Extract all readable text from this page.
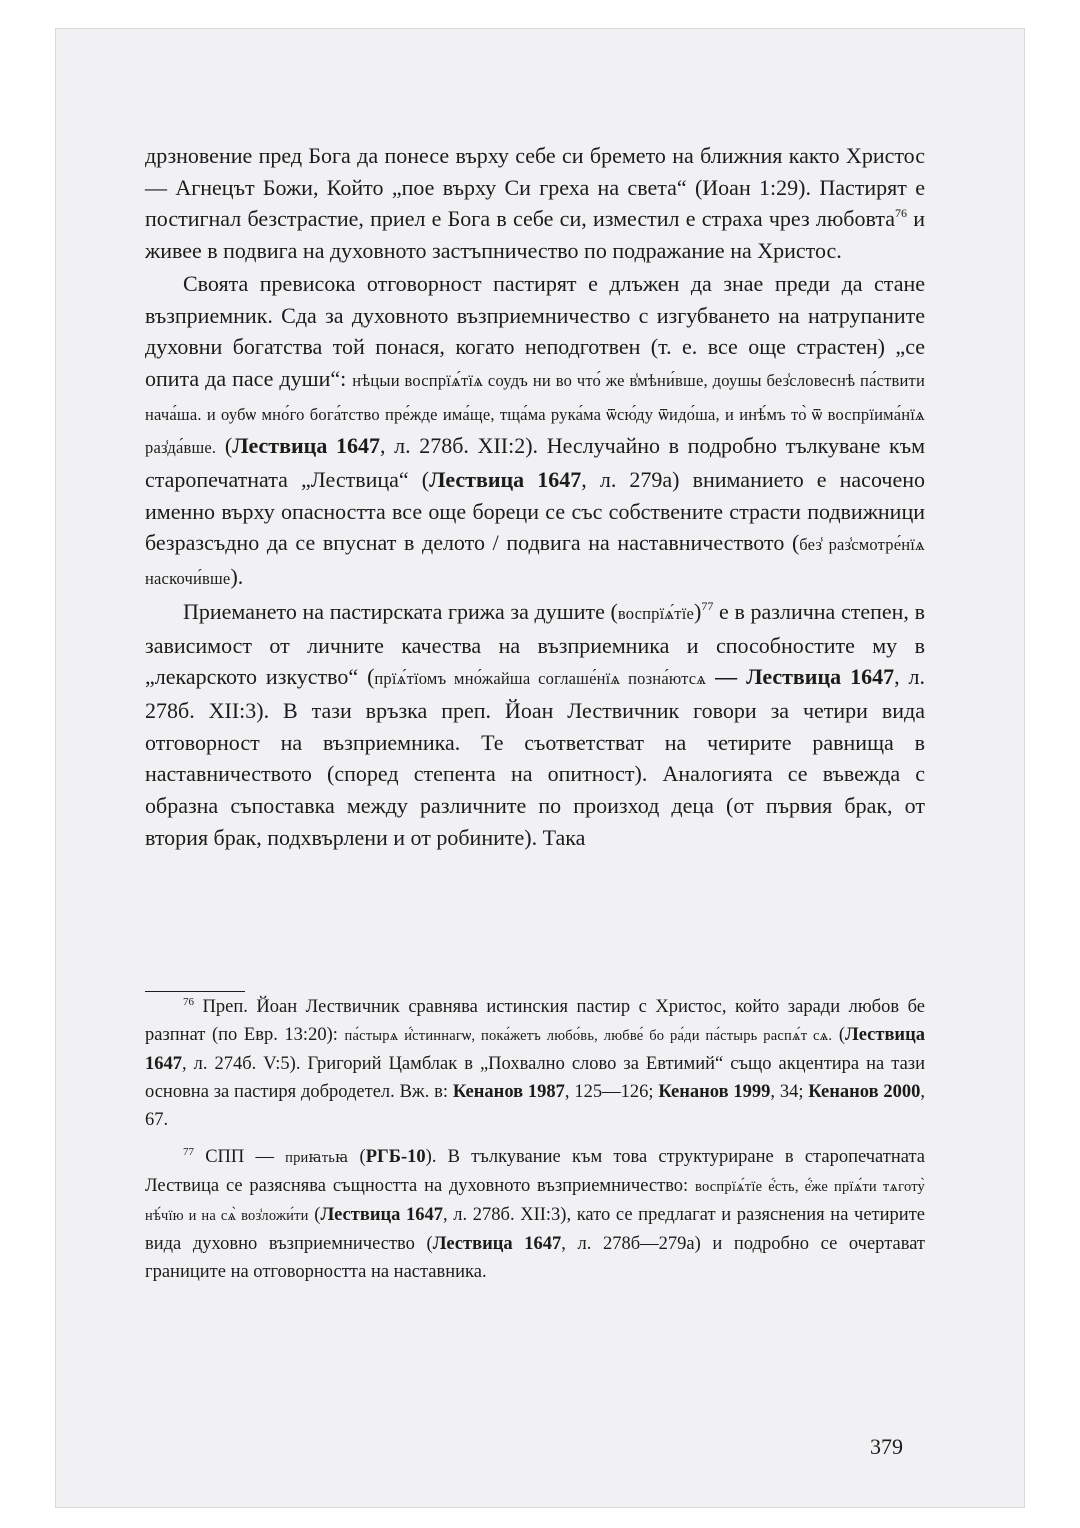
дрзновение пред Бога да понесе върху себе си бремето на ближния както Христос — Агнецът Божи, Който „пое върху Си греха на света“ (Иоан 1:29). Пастирят е постигнал безстрастие, приел е Бога в себе си, изместил е страха чрез любовта$^{76}$ и живее в подвига на духовното застъпничество по подражание на Христос.

Своята превисока отговорност пастирят е длъжен да знае преди да стане възприемник. Сда за духовното възприемничество с изгубването на натрупаните духовни богатства той понася, когато неподготвен (т. е. все още страстен) „се опита да пасе души“: нѣцыи воспрїѧ́тїѧ соудъ ни во что́ же в̾мѣни́вше, доушы без̾словеснѣ па́ствити нача́ша. и оубѡ мно́го бога́тство пре́жде има́ще, тща́ма рука́ма ѿсю́ду ѿидо́ша, и инѣ́мъ то̀ ѿ воспрїима́нїѧ раз̾да́вше. (Лествица 1647, л. 278б. XII:2). Неслучайно в подробно тълкуване към старопечатната „Лествица“ (Лествица 1647, л. 279а) вниманието е насочено именно върху опасността все още бореци се със собствените страсти подвижници безразсъдно да се впуснат в делото / подвига на наставничеството (без̾ раз̾смотре́нїѧ наскочи́вше).

Приемането на пастирската грижа за душите (воспрїѧ́тїе)$^{77}$ е в различна степен, в зависимост от личните качества на възприемника и способностите му в „лекарското изкуство“ (прїѧ́тїомъ мно́жайша соглаше́нїѧ позна́ютсѧ — Лествица 1647, л. 278б. XII:3). В тази връзка преп. Йоан Лествичник говори за четири вида отговорност на възприемника. Те съответстват на четирите равнища в наставничеството (според степента на опитност). Аналогията се въвежда с образна съпоставка между различните по произход деца (от първия брак, от втория брак, подхвърлени и от робините). Така

$^{76}$ Преп. Йоан Лествичник сравнява истинския пастир с Христос, който заради любов бе разпнат (по Евр. 13:20): па́стырѧ и҆́стиннагѡ, пока́жетъ любо́вь, любве́ бо ра́ди па́стырь распѧ́т сѧ. (Лествица 1647, л. 274б. V:5). Григорий Цамблак в „Похвално слово за Евтимий“ също акцентира на тази основна за пастиря добродетел. Вж. в: Кенанов 1987, 125—126; Кенанов 1999, 34; Кенанов 2000, 67.

$^{77}$ СПП — приꙗтьꙗ (РГБ-10). В тълкувание към това структуриране в старопечатната Лествица се разяснява същността на духовното възприемничество: воспрїѧ́тїе е҆́сть, е҆́же прїѧ́ти тѧготу̀ нѣ́чїю и на сѧ̀ воз̾ложи́ти (Лествица 1647, л. 278б. XII:3), като се предлагат и разяснения на четирите вида духовно възприемничество (Лествица 1647, л. 278б—279а) и подробно се очертават границите на отговорността на наставника.

379
